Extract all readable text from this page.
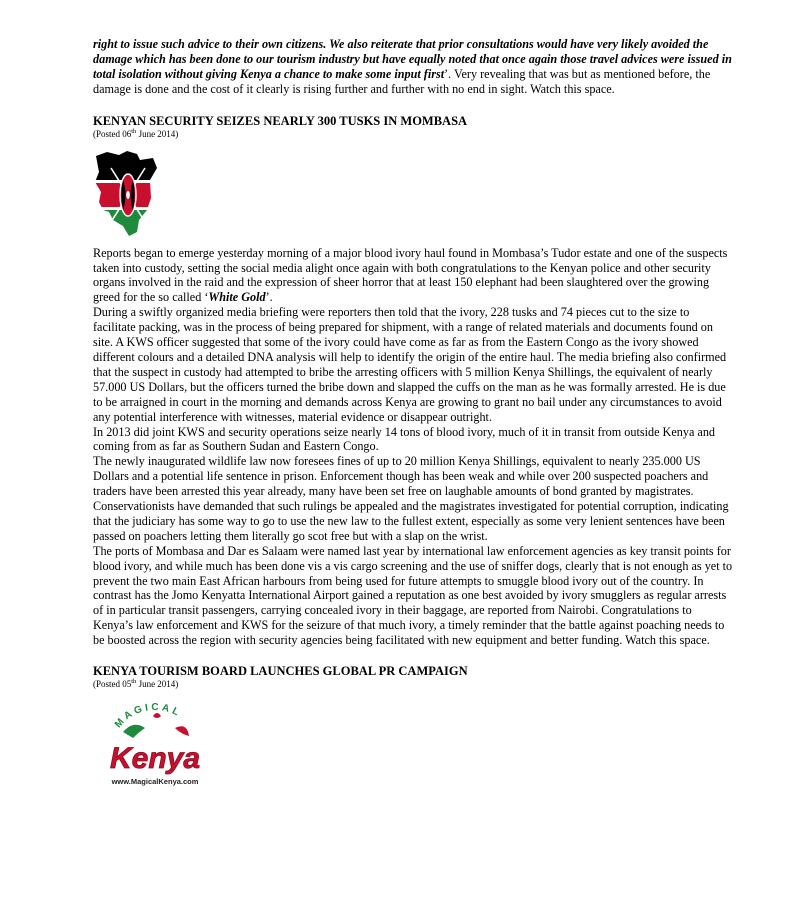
right to issue such advice to their own citizens. We also reiterate that prior consultations would have very likely avoided the damage which has been done to our tourism industry but have equally noted that once again those travel advices were issued in total isolation without giving Kenya a chance to make some input first’. Very revealing that was but as mentioned before, the damage is done and the cost of it clearly is rising further and further with no end in sight. Watch this space.

KENYAN SECURITY SEIZES NEARLY 300 TUSKS IN MOMBASA
(Posted 06th June 2014)

Reports began to emerge yesterday morning of a major blood ivory haul found in Mombasa’s Tudor estate and one of the suspects taken into custody, setting the social media alight once again with both congratulations to the Kenyan police and other security organs involved in the raid and the expression of sheer horror that at least 150 elephant had been slaughtered over the growing greed for the so called ‘White Gold’.

During a swiftly organized media briefing were reporters then told that the ivory, 228 tusks and 74 pieces cut to the size to facilitate packing, was in the process of being prepared for shipment, with a range of related materials and documents found on site. A KWS officer suggested that some of the ivory could have come as far as from the Eastern Congo as the ivory showed different colours and a detailed DNA analysis will help to identify the origin of the entire haul. The media briefing also confirmed that the suspect in custody had attempted to bribe the arresting officers with 5 million Kenya Shillings, the equivalent of nearly 57.000 US Dollars, but the officers turned the bribe down and slapped the cuffs on the man as he was formally arrested. He is due to be arraigned in court in the morning and demands across Kenya are growing to grant no bail under any circumstances to avoid any potential interference with witnesses, material evidence or disappear outright.

In 2013 did joint KWS and security operations seize nearly 14 tons of blood ivory, much of it in transit from outside Kenya and coming from as far as Southern Sudan and Eastern Congo.

The newly inaugurated wildlife law now foresees fines of up to 20 million Kenya Shillings, equivalent to nearly 235.000 US Dollars and a potential life sentence in prison. Enforcement though has been weak and while over 200 suspected poachers and traders have been arrested this year already, many have been set free on laughable amounts of bond granted by magistrates. Conservationists have demanded that such rulings be appealed and the magistrates investigated for potential corruption, indicating that the judiciary has some way to go to use the new law to the fullest extent, especially as some very lenient sentences have been passed on poachers letting them literally go scot free but with a slap on the wrist.

The ports of Mombasa and Dar es Salaam were named last year by international law enforcement agencies as key transit points for blood ivory, and while much has been done vis a vis cargo screening and the use of sniffer dogs, clearly that is not enough as yet to prevent the two main East African harbours from being used for future attempts to smuggle blood ivory out of the country. In contrast has the Jomo Kenyatta International Airport gained a reputation as one best avoided by ivory smugglers as regular arrests of in particular transit passengers, carrying concealed ivory in their baggage, are reported from Nairobi. Congratulations to Kenya’s law enforcement and KWS for the seizure of that much ivory, a timely reminder that the battle against poaching needs to be boosted across the region with security agencies being facilitated with new equipment and better funding. Watch this space.

KENYA TOURISM BOARD LAUNCHES GLOBAL PR CAMPAIGN
(Posted 05th June 2014)
MAGICAL
Kenya
www.MagicalKenya.com
